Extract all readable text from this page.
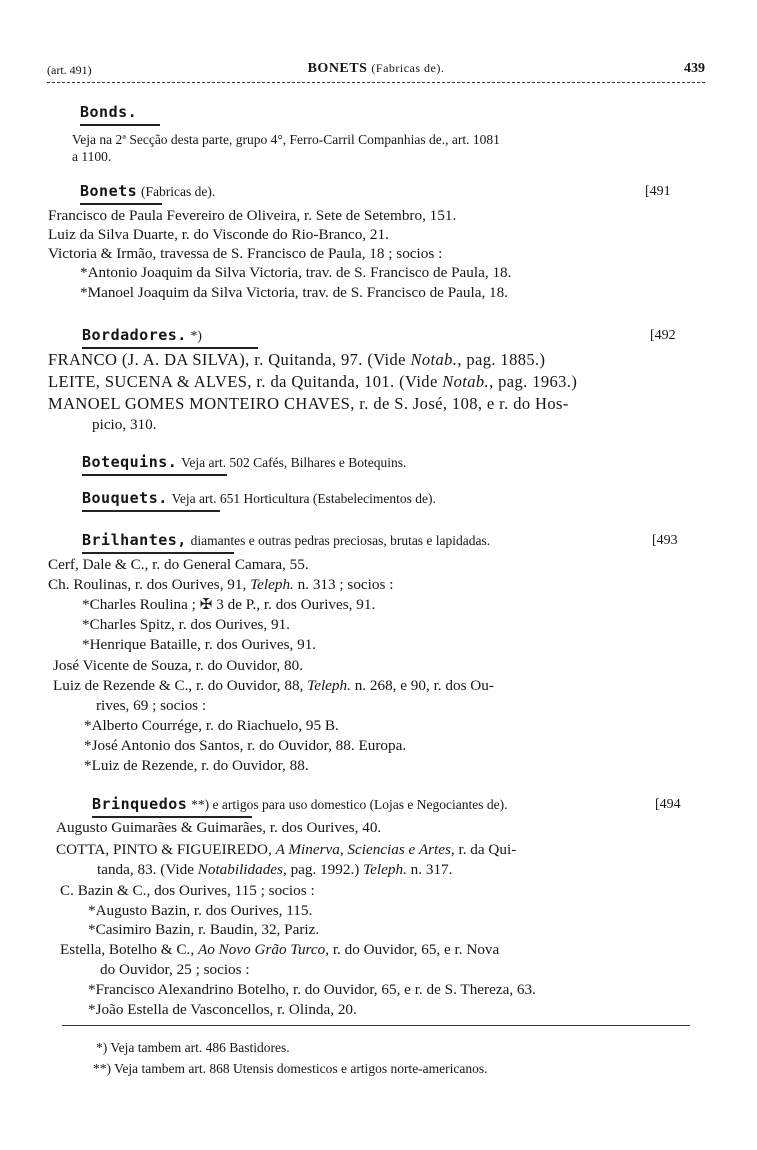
(art. 491)	BONETS (Fabricas de).	439
Bonds.
Veja na 2ª Secção desta parte, grupo 4°, Ferro-Carril Companhias de., art. 1081
a 1100.
Bonets (Fabricas de).	[491
Francisco de Paula Fevereiro de Oliveira, r. Sete de Setembro, 151.
Luiz da Silva Duarte, r. do Visconde do Rio-Branco, 21.
Victoria & Irmão, travessa de S. Francisco de Paula, 18 ; socios :
*Antonio Joaquim da Silva Victoria, trav. de S. Francisco de Paula, 18.
*Manoel Joaquim da Silva Victoria, trav. de S. Francisco de Paula, 18.
Bordadores. *)	[492
FRANCO (J. A. DA SILVA), r. Quitanda, 97. (Vide Notab., pag. 1885.)
LEITE, SUCENA & ALVES, r. da Quitanda, 101. (Vide Notab., pag. 1963.)
MANOEL GOMES MONTEIRO CHAVES, r. de S. José, 108, e r. do Hos-
picio, 310.
Botequins. Veja art. 502 Cafés, Bilhares e Botequins.
Bouquets. Veja art. 651 Horticultura (Estabelecimentos de).
Brilhantes, diamantes e outras pedras preciosas, brutas e lapidadas.	[493
Cerf, Dale & C., r. do General Camara, 55.
Ch. Roulinas, r. dos Ourives, 91, Teleph. n. 313 ; socios :
*Charles Roulina ; ✠ 3 de P., r. dos Ourives, 91.
*Charles Spitz, r. dos Ourives, 91.
*Henrique Bataille, r. dos Ourives, 91.
José Vicente de Souza, r. do Ouvidor, 80.
Luiz de Rezende & C., r. do Ouvidor, 88, Teleph. n. 268, e 90, r. dos Ou-
rives, 69 ; socios :
*Alberto Courrége, r. do Riachuelo, 95 B.
*José Antonio dos Santos, r. do Ouvidor, 88. Europa.
*Luiz de Rezende, r. do Ouvidor, 88.
Brinquedos **) e artigos para uso domestico (Lojas e Negociantes de).	[494
Augusto Guimarães & Guimarães, r. dos Ourives, 40.
COTTA, PINTO & FIGUEIREDO, A Minerva, Sciencias e Artes, r. da Qui-
tanda, 83. (Vide Notabilidades, pag. 1992.) Teleph. n. 317.
C. Bazin & C., dos Ourives, 115 ; socios :
*Augusto Bazin, r. dos Ourives, 115.
*Casimiro Bazin, r. Baudin, 32, Pariz.
Estella, Botelho & C., Ao Novo Grão Turco, r. do Ouvidor, 65, e r. Nova
do Ouvidor, 25 ; socios :
*Francisco Alexandrino Botelho, r. do Ouvidor, 65, e r. de S. Thereza, 63.
*João Estella de Vasconcellos, r. Olinda, 20.
*) Veja tambem art. 486 Bastidores.
**) Veja tambem art. 868 Utensis domesticos e artigos norte-americanos.
